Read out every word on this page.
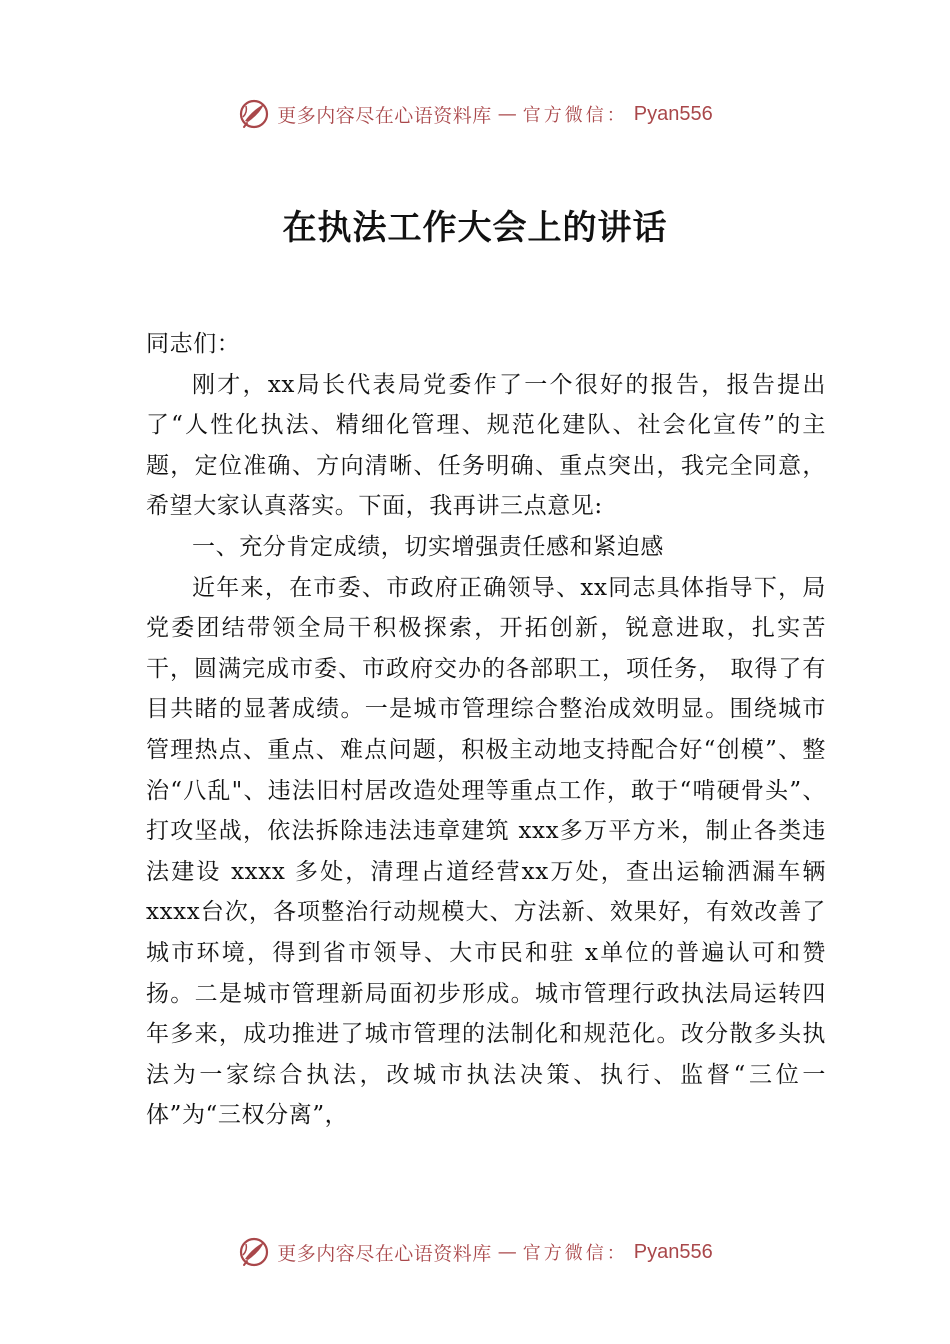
更多内容尽在心语资料库 — 官方微信： Pyan556
在执法工作大会上的讲话

同志们：

刚才，xx局长代表局党委作了一个很好的报告，报告提出了“人性化执法、精细化管理、规范化建队、社会化宣传”的主题，定位准确、方向清晰、任务明确、重点突出，我完全同意，希望大家认真落实。下面，我再讲三点意见:

一、充分肯定成绩，切实增强责任感和紧迫感

近年来，在市委、市政府正确领导、xx同志具体指导下，局党委团结带领全局干积极探索，开拓创新，锐意进取，扎实苦干，圆满完成市委、市政府交办的各部职工，项任务， 取得了有目共睹的显著成绩。一是城市管理综合整治成效明显。围绕城市管理热点、重点、难点问题，积极主动地支持配合好“创模”、整治“八乱"、违法旧村居改造处理等重点工作，敢于“啃硬骨头”、打攻坚战，依法拆除违法违章建筑 xxx多万平方米，制止各类违法建设 xxxx 多处，清理占道经营xx万处，查出运输洒漏车辆 xxxx台次，各项整治行动规模大、方法新、效果好，有效改善了城市环境，得到省市领导、大市民和驻 x单位的普遍认可和赞扬。二是城市管理新局面初步形成。城市管理行政执法局运转四年多来，成功推进了城市管理的法制化和规范化。改分散多头执法为一家综合执法，改城市执法决策、执行、监督“三位一体”为“三权分离”，

更多内容尽在心语资料库 — 官方微信： Pyan556
